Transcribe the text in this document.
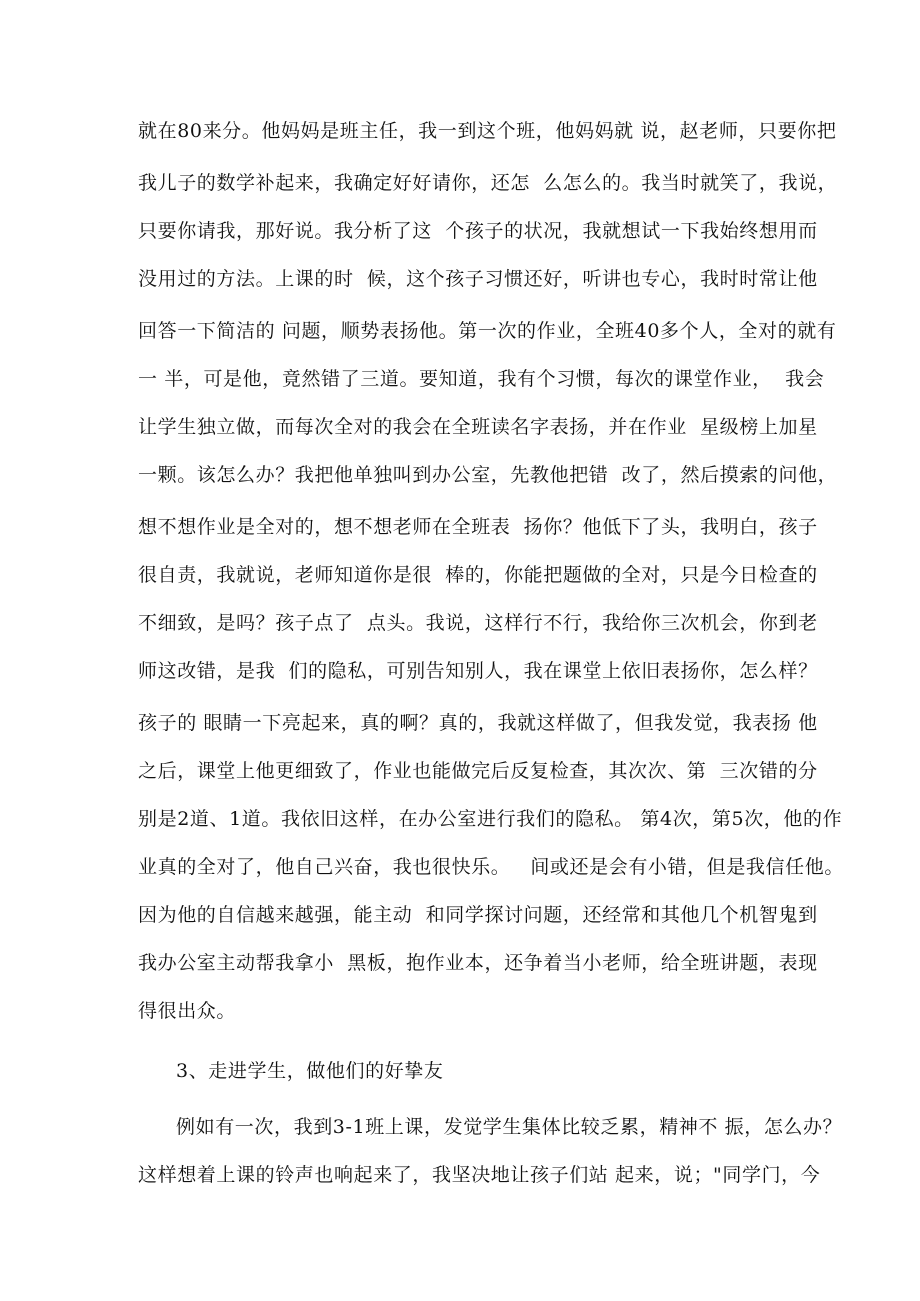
就在80来分。他妈妈是班主任，我一到这个班，他妈妈就 说，赵老师，只要你把
我儿子的数学补起来，我确定好好请你，还怎  么怎么的。我当时就笑了，我说，
只要你请我，那好说。我分析了这  个孩子的状况，我就想试一下我始终想用而
没用过的方法。上课的时  候，这个孩子习惯还好，听讲也专心，我时时常让他
回答一下简洁的 问题，顺势表扬他。第一次的作业，全班40多个人，全对的就有
一 半，可是他，竟然错了三道。要知道，我有个习惯，每次的课堂作业，  我会
让学生独立做，而每次全对的我会在全班读名字表扬，并在作业  星级榜上加星
一颗。该怎么办？我把他单独叫到办公室，先教他把错  改了，然后摸索的问他，
想不想作业是全对的，想不想老师在全班表  扬你？他低下了头，我明白，孩子
很自责，我就说，老师知道你是很  棒的，你能把题做的全对，只是今日检查的
不细致，是吗？孩子点了  点头。我说，这样行不行，我给你三次机会，你到老
师这改错，是我  们的隐私，可别告知别人，我在课堂上依旧表扬你，怎么样？
孩子的 眼睛一下亮起来，真的啊？真的，我就这样做了，但我发觉，我表扬 他
之后，课堂上他更细致了，作业也能做完后反复检查，其次次、第  三次错的分
别是2道、1道。我依旧这样，在办公室进行我们的隐私。 第4次，第5次，他的作
业真的全对了，他自己兴奋，我也很快乐。   间或还是会有小错，但是我信任他。
因为他的自信越来越强，能主动  和同学探讨问题，还经常和其他几个机智鬼到
我办公室主动帮我拿小  黑板，抱作业本，还争着当小老师，给全班讲题，表现
得很出众。
3、走进学生，做他们的好挚友
例如有一次，我到3-1班上课，发觉学生集体比较乏累，精神不 振，怎么办？
这样想着上课的铃声也响起来了，我坚决地让孩子们站 起来，说；"同学门，今
